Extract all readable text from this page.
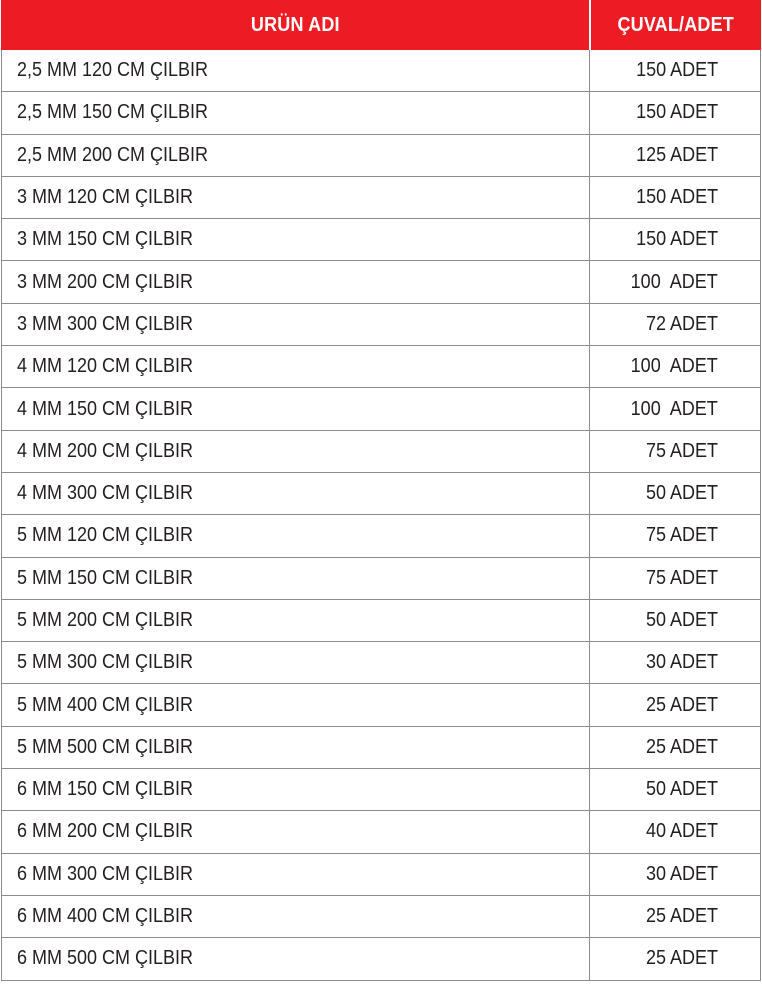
URÜN ADI	ÇUVAL/ADET
2,5 MM 120 CM ÇILBIR	150 ADET
2,5 MM 150 CM ÇILBIR	150 ADET
2,5 MM 200 CM ÇILBIR	125 ADET
3 MM 120 CM ÇILBIR	150 ADET
3 MM 150 CM ÇILBIR	150 ADET
3 MM 200 CM ÇILBIR	100  ADET
3 MM 300 CM ÇILBIR	72 ADET
4 MM 120 CM ÇILBIR	100  ADET
4 MM 150 CM ÇILBIR	100  ADET
4 MM 200 CM ÇILBIR	75 ADET
4 MM 300 CM ÇILBIR	50 ADET
5 MM 120 CM ÇILBIR	75 ADET
5 MM 150 CM CILBIR	75 ADET
5 MM 200 CM ÇILBIR	50 ADET
5 MM 300 CM ÇILBIR	30 ADET
5 MM 400 CM ÇILBIR	25 ADET
5 MM 500 CM ÇILBIR	25 ADET
6 MM 150 CM ÇILBIR	50 ADET
6 MM 200 CM ÇILBIR	40 ADET
6 MM 300 CM ÇILBIR	30 ADET
6 MM 400 CM ÇILBIR	25 ADET
6 MM 500 CM ÇILBIR	25 ADET
